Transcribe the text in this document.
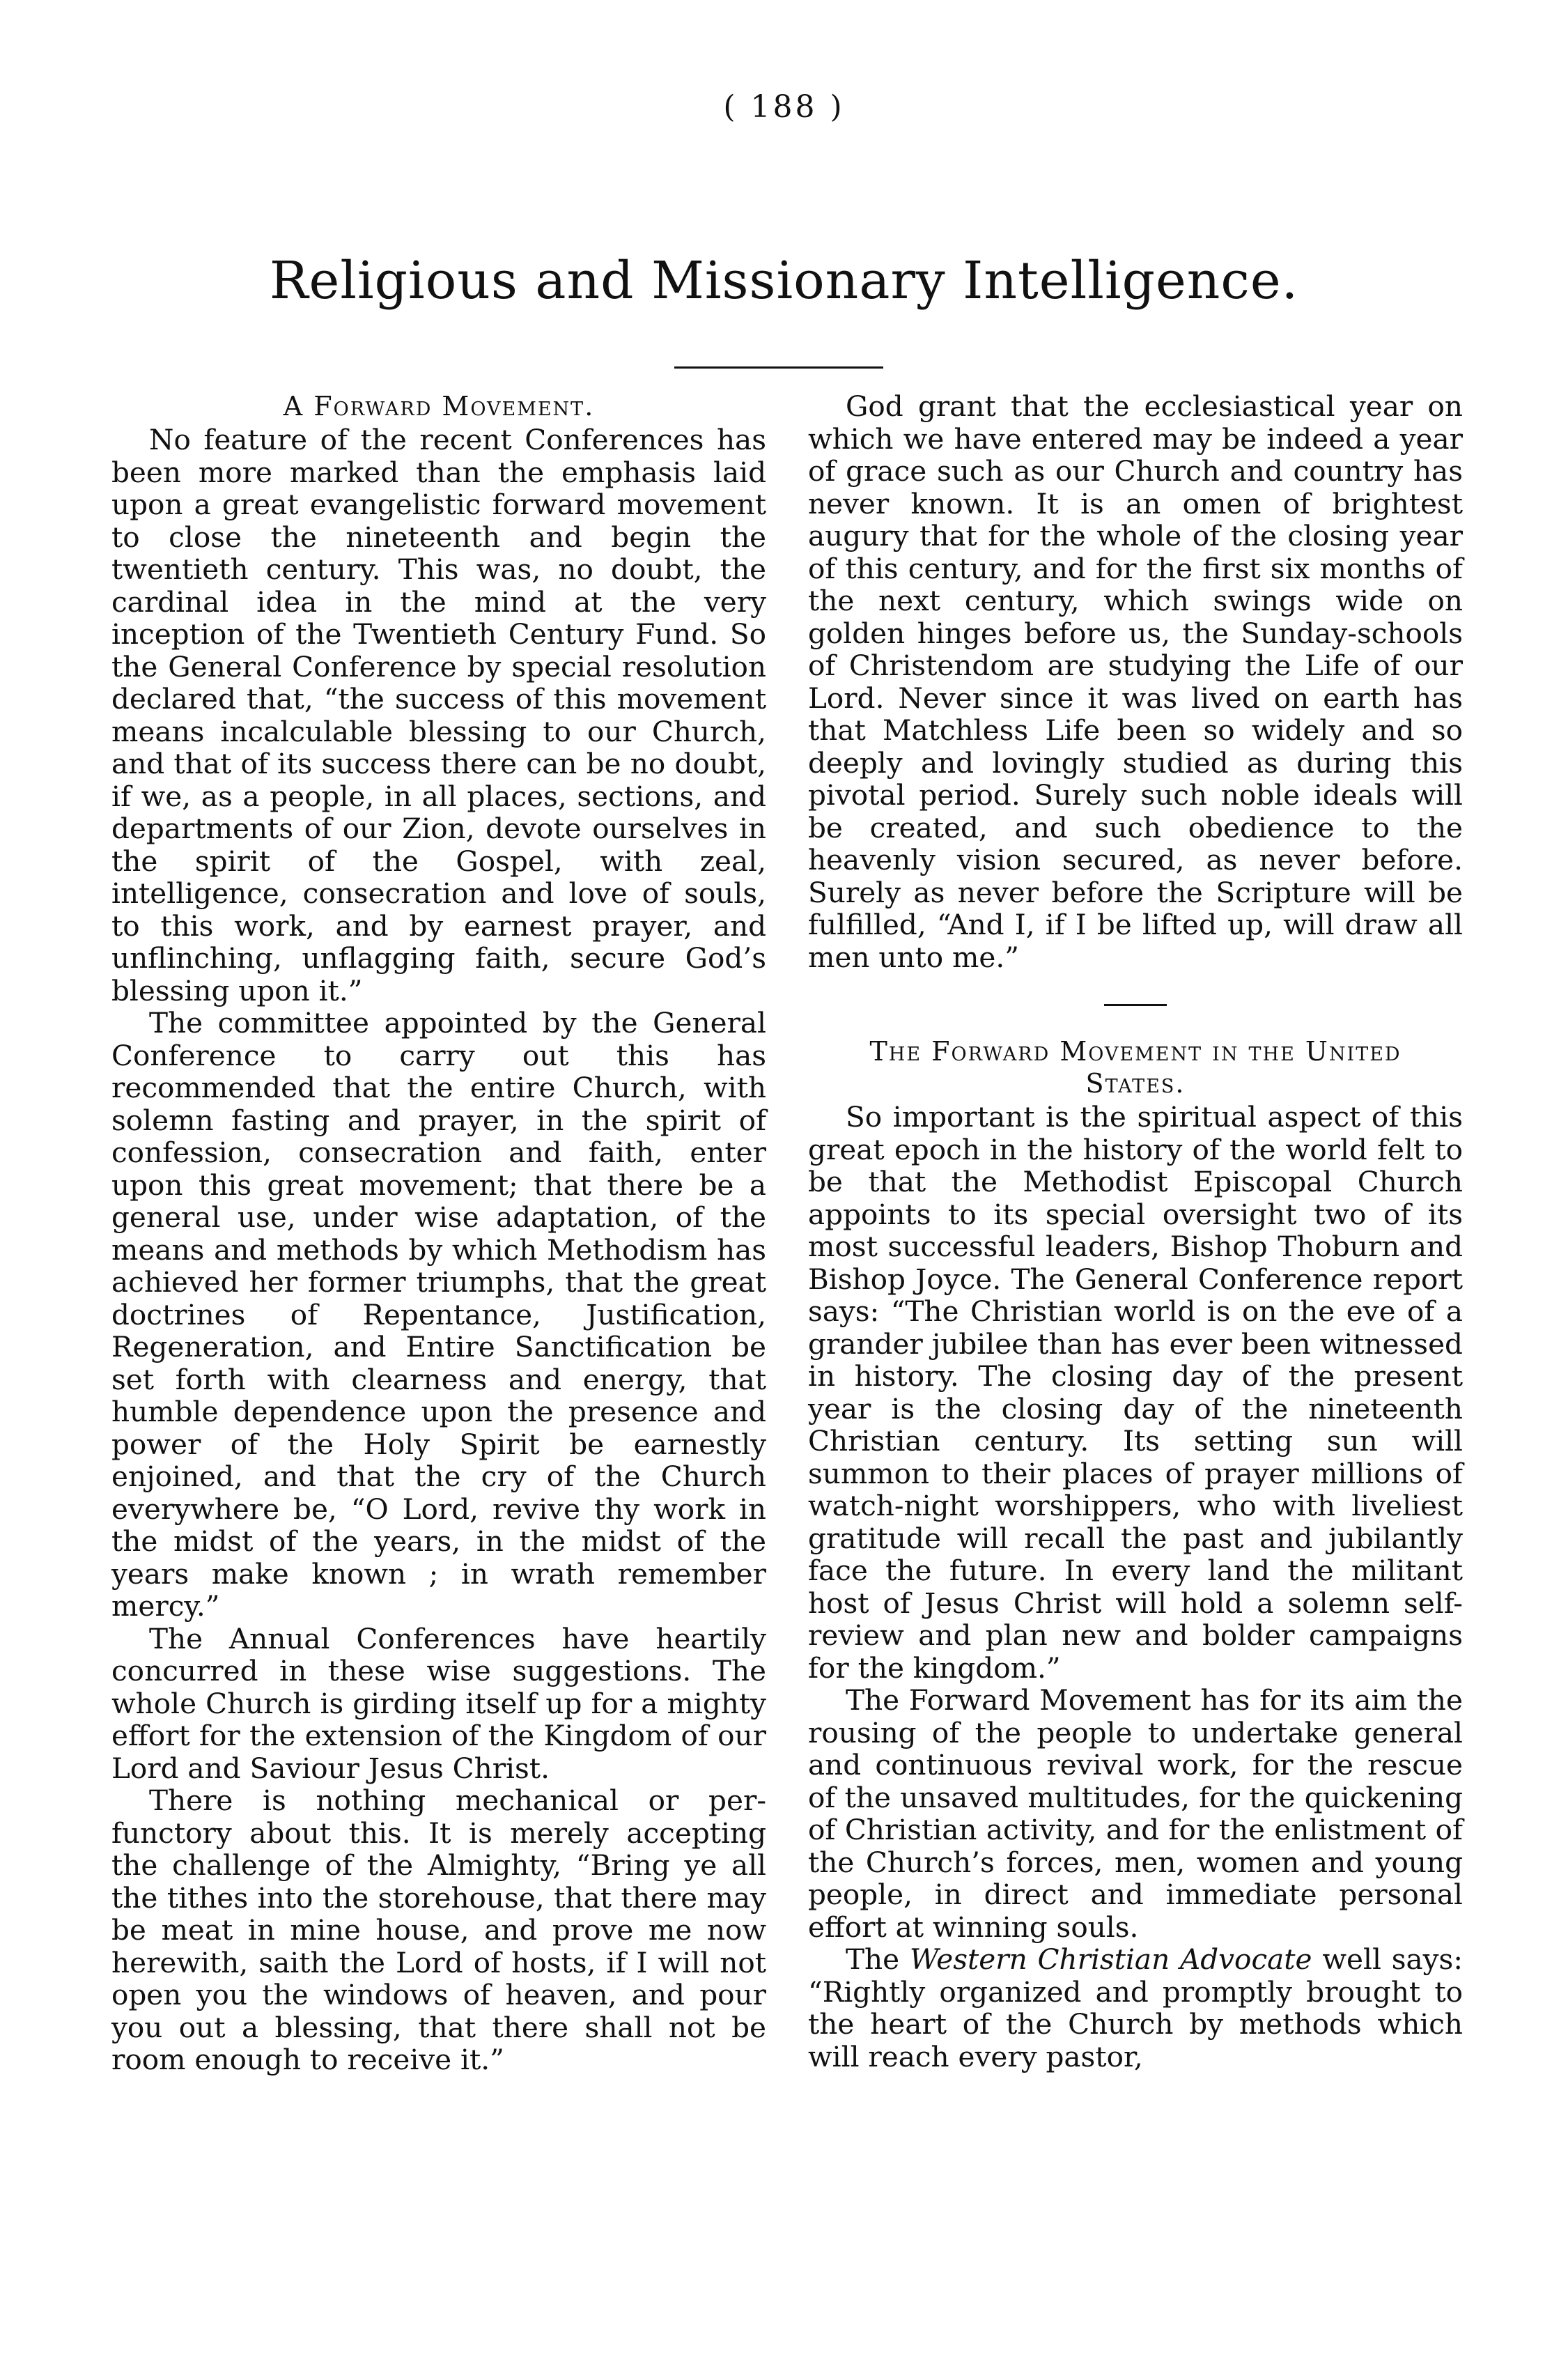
( 188 )
Religious and Missionary Intelligence.
A Forward Movement.

No feature of the recent Conferences has been more marked than the emphasis laid upon a great evangelistic forward movement to close the nineteenth and begin the twentieth century. This was, no doubt, the cardinal idea in the mind at the very inception of the Twentieth Century Fund. So the General Conference by special resolution declared that, “the success of this movement means incalculable blessing to our Church, and that of its success there can be no doubt, if we, as a people, in all places, sections, and departments of our Zion, devote ourselves in the spirit of the Gospel, with zeal, intelligence, consecration and love of souls, to this work, and by earnest prayer, and unflinching, unflagging faith, secure God’s blessing upon it.”

The committee appointed by the General Conference to carry out this has recommended that the entire Church, with solemn fasting and prayer, in the spirit of confession, consecration and faith, enter upon this great movement; that there be a general use, under wise adaptation, of the means and methods by which Methodism has achieved her former triumphs, that the great doctrines of Repentance, Justification, Regeneration, and Entire Sanctification be set forth with clearness and energy, that humble dependence upon the presence and power of the Holy Spirit be earnestly enjoined, and that the cry of the Church everywhere be, “O Lord, revive thy work in the midst of the years, in the midst of the years make known ; in wrath remember mercy.”

The Annual Conferences have heartily concurred in these wise suggestions. The whole Church is girding itself up for a mighty effort for the extension of the Kingdom of our Lord and Saviour Jesus Christ.

There is nothing mechanical or perfunctory about this. It is merely accepting the challenge of the Almighty, “Bring ye all the tithes into the storehouse, that there may be meat in mine house, and prove me now herewith, saith the Lord of hosts, if I will not open you the windows of heaven, and pour you out a blessing, that there shall not be room enough to receive it.”

God grant that the ecclesiastical year on which we have entered may be indeed a year of grace such as our Church and country has never known. It is an omen of brightest augury that for the whole of the closing year of this century, and for the first six months of the next century, which swings wide on golden hinges before us, the Sunday-schools of Christendom are studying the Life of our Lord. Never since it was lived on earth has that Matchless Life been so widely and so deeply and lovingly studied as during this pivotal period. Surely such noble ideals will be created, and such obedience to the heavenly vision secured, as never before. Surely as never before the Scripture will be fulfilled, “And I, if I be lifted up, will draw all men unto me.”

The Forward Movement in the United States.

So important is the spiritual aspect of this great epoch in the history of the world felt to be that the Methodist Episcopal Church appoints to its special oversight two of its most successful leaders, Bishop Thoburn and Bishop Joyce. The General Conference report says: “The Christian world is on the eve of a grander jubilee than has ever been witnessed in history. The closing day of the present year is the closing day of the nineteenth Christian century. Its setting sun will summon to their places of prayer millions of watch-night worshippers, who with liveliest gratitude will recall the past and jubilantly face the future. In every land the militant host of Jesus Christ will hold a solemn self-review and plan new and bolder campaigns for the kingdom.”

The Forward Movement has for its aim the rousing of the people to undertake general and continuous revival work, for the rescue of the unsaved multitudes, for the quickening of Christian activity, and for the enlistment of the Church’s forces, men, women and young people, in direct and immediate personal effort at winning souls.

The Western Christian Advocate well says: “Rightly organized and promptly brought to the heart of the Church by methods which will reach every pastor,
